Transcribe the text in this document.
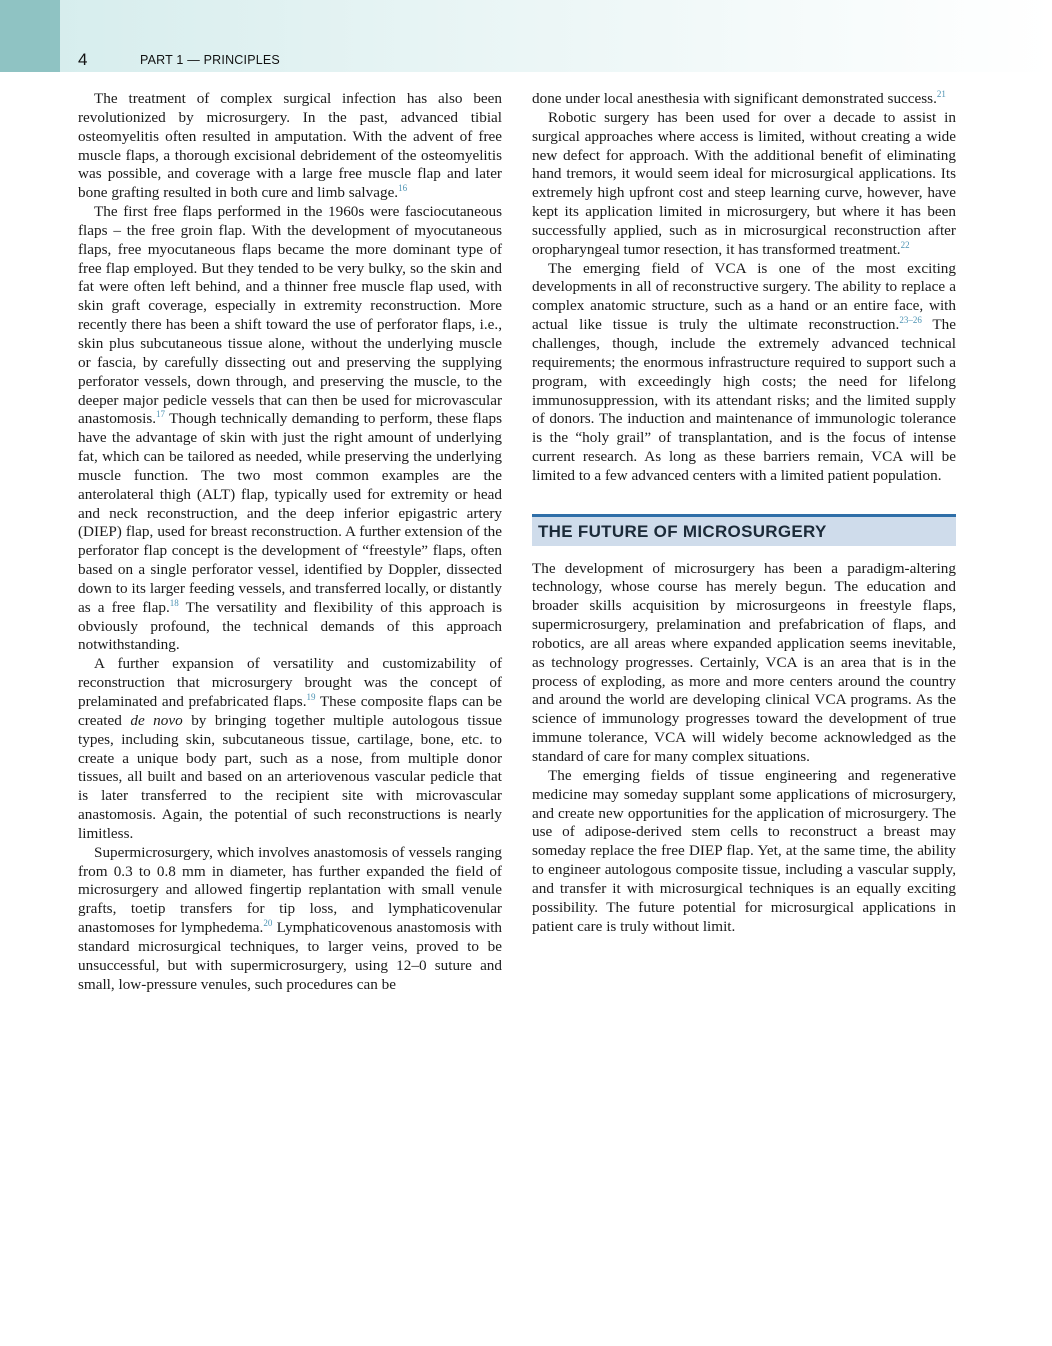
4	PART 1 — PRINCIPLES

The treatment of complex surgical infection has also been revolutionized by microsurgery. In the past, advanced tibial osteomyelitis often resulted in amputation. With the advent of free muscle flaps, a thorough excisional debridement of the osteomyelitis was possible, and coverage with a large free muscle flap and later bone grafting resulted in both cure and limb salvage.$^{16}$

The first free flaps performed in the 1960s were fasciocutaneous flaps – the free groin flap. With the development of myocutaneous flaps, free myocutaneous flaps became the more dominant type of free flap employed. But they tended to be very bulky, so the skin and fat were often left behind, and a thinner free muscle flap used, with skin graft coverage, especially in extremity reconstruction. More recently there has been a shift toward the use of perforator flaps, i.e., skin plus subcutaneous tissue alone, without the underlying muscle or fascia, by carefully dissecting out and preserving the supplying perforator vessels, down through, and preserving the muscle, to the deeper major pedicle vessels that can then be used for microvascular anastomosis.$^{17}$ Though technically demanding to perform, these flaps have the advantage of skin with just the right amount of underlying fat, which can be tailored as needed, while preserving the underlying muscle function. The two most common examples are the anterolateral thigh (ALT) flap, typically used for extremity or head and neck reconstruction, and the deep inferior epigastric artery (DIEP) flap, used for breast reconstruction. A further extension of the perforator flap concept is the development of “freestyle” flaps, often based on a single perforator vessel, identified by Doppler, dissected down to its larger feeding vessels, and transferred locally, or distantly as a free flap.$^{18}$ The versatility and flexibility of this approach is obviously profound, the technical demands of this approach notwithstanding.

A further expansion of versatility and customizability of reconstruction that microsurgery brought was the concept of prelaminated and prefabricated flaps.$^{19}$ These composite flaps can be created de novo by bringing together multiple autologous tissue types, including skin, subcutaneous tissue, cartilage, bone, etc. to create a unique body part, such as a nose, from multiple donor tissues, all built and based on an arteriovenous vascular pedicle that is later transferred to the recipient site with microvascular anastomosis. Again, the potential of such reconstructions is nearly limitless.

Supermicrosurgery, which involves anastomosis of vessels ranging from 0.3 to 0.8 mm in diameter, has further expanded the field of microsurgery and allowed fingertip replantation with small venule grafts, toetip transfers for tip loss, and lymphaticovenular anastomoses for lymphedema.$^{20}$ Lymphaticovenous anastomosis with standard microsurgical techniques, to larger veins, proved to be unsuccessful, but with supermicrosurgery, using 12–0 suture and small, low-pressure venules, such procedures can be

done under local anesthesia with significant demonstrated success.$^{21}$

Robotic surgery has been used for over a decade to assist in surgical approaches where access is limited, without creating a wide new defect for approach. With the additional benefit of eliminating hand tremors, it would seem ideal for microsurgical applications. Its extremely high upfront cost and steep learning curve, however, have kept its application limited in microsurgery, but where it has been successfully applied, such as in microsurgical reconstruction after oropharyngeal tumor resection, it has transformed treatment.$^{22}$

The emerging field of VCA is one of the most exciting developments in all of reconstructive surgery. The ability to replace a complex anatomic structure, such as a hand or an entire face, with actual like tissue is truly the ultimate reconstruction.$^{23-26}$ The challenges, though, include the extremely advanced technical requirements; the enormous infrastructure required to support such a program, with exceedingly high costs; the need for lifelong immunosuppression, with its attendant risks; and the limited supply of donors. The induction and maintenance of immunologic tolerance is the “holy grail” of transplantation, and is the focus of intense current research. As long as these barriers remain, VCA will be limited to a few advanced centers with a limited patient population.

THE FUTURE OF MICROSURGERY

The development of microsurgery has been a paradigm-altering technology, whose course has merely begun. The education and broader skills acquisition by microsurgeons in freestyle flaps, supermicrosurgery, prelamination and prefabrication of flaps, and robotics, are all areas where expanded application seems inevitable, as technology progresses. Certainly, VCA is an area that is in the process of exploding, as more and more centers around the country and around the world are developing clinical VCA programs. As the science of immunology progresses toward the development of true immune tolerance, VCA will widely become acknowledged as the standard of care for many complex situations.

The emerging fields of tissue engineering and regenerative medicine may someday supplant some applications of microsurgery, and create new opportunities for the application of microsurgery. The use of adipose-derived stem cells to reconstruct a breast may someday replace the free DIEP flap. Yet, at the same time, the ability to engineer autologous composite tissue, including a vascular supply, and transfer it with microsurgical techniques is an equally exciting possibility. The future potential for microsurgical applications in patient care is truly without limit.
